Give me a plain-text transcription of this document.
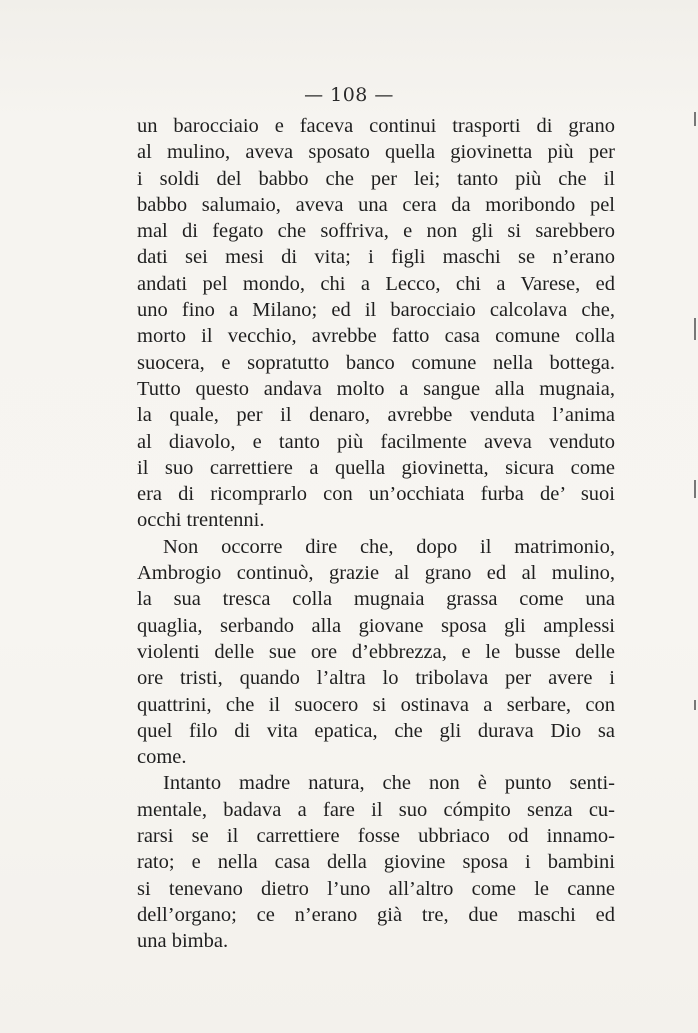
— 108 —
un barocciaio e faceva continui trasporti di grano
al mulino, aveva sposato quella giovinetta più per
i soldi del babbo che per lei; tanto più che il
babbo salumaio, aveva una cera da moribondo pel
mal di fegato che soffriva, e non gli si sarebbero
dati sei mesi di vita; i figli maschi se n’erano
andati pel mondo, chi a Lecco, chi a Varese, ed
uno fino a Milano; ed il barocciaio calcolava che,
morto il vecchio, avrebbe fatto casa comune colla
suocera, e sopratutto banco comune nella bottega.
Tutto questo andava molto a sangue alla mugnaia,
la quale, per il denaro, avrebbe venduta l’anima
al diavolo, e tanto più facilmente aveva venduto
il suo carrettiere a quella giovinetta, sicura come
era di ricomprarlo con un’occhiata furba de’ suoi
occhi trentenni.
Non occorre dire che, dopo il matrimonio,
Ambrogio continuò, grazie al grano ed al mulino,
la sua tresca colla mugnaia grassa come una
quaglia, serbando alla giovane sposa gli amplessi
violenti delle sue ore d’ebbrezza, e le busse delle
ore tristi, quando l’altra lo tribolava per avere i
quattrini, che il suocero si ostinava a serbare, con
quel filo di vita epatica, che gli durava Dio sa
come.
Intanto madre natura, che non è punto senti-
mentale, badava a fare il suo cómpito senza cu-
rarsi se il carrettiere fosse ubbriaco od innamo-
rato; e nella casa della giovine sposa i bambini
si tenevano dietro l’uno all’altro come le canne
dell’organo; ce n’erano già tre, due maschi ed
una bimba.
